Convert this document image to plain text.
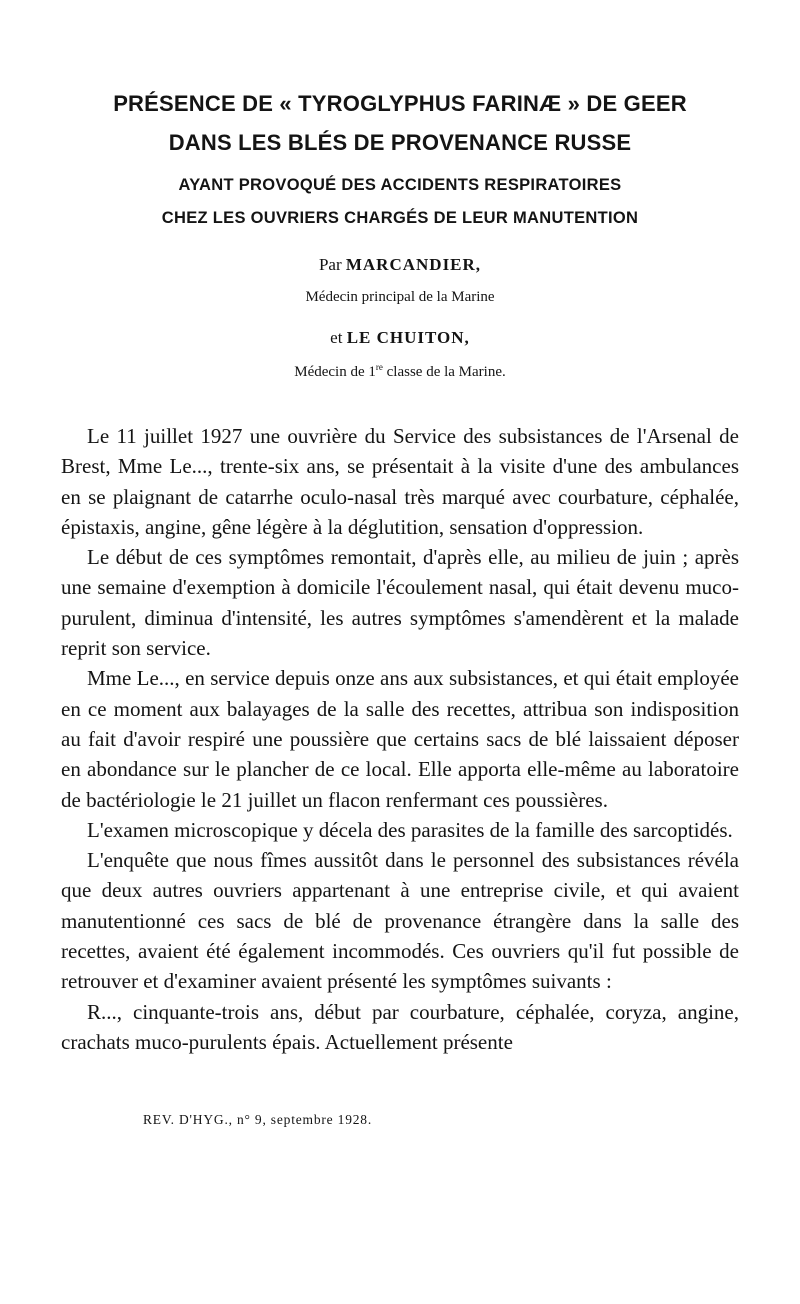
PRÉSENCE DE « TYROGLYPHUS FARINÆ » DE GEER
DANS LES BLÉS DE PROVENANCE RUSSE
AYANT PROVOQUÉ DES ACCIDENTS RESPIRATOIRES
CHEZ LES OUVRIERS CHARGÉS DE LEUR MANUTENTION

Par MARCANDIER,

Médecin principal de la Marine

et LE CHUITON,

Médecin de 1re classe de la Marine.

Le 11 juillet 1927 une ouvrière du Service des subsistances de l'Arsenal de Brest, Mme Le..., trente-six ans, se présentait à la visite d'une des ambulances en se plaignant de catarrhe oculo-nasal très marqué avec courbature, céphalée, épistaxis, angine, gêne légère à la déglutition, sensation d'oppression.

Le début de ces symptômes remontait, d'après elle, au milieu de juin ; après une semaine d'exemption à domicile l'écoulement nasal, qui était devenu muco-purulent, diminua d'intensité, les autres symptômes s'amendèrent et la malade reprit son service.

Mme Le..., en service depuis onze ans aux subsistances, et qui était employée en ce moment aux balayages de la salle des recettes, attribua son indisposition au fait d'avoir respiré une poussière que certains sacs de blé laissaient déposer en abondance sur le plancher de ce local. Elle apporta elle-même au laboratoire de bactériologie le 21 juillet un flacon renfermant ces poussières.

L'examen microscopique y décela des parasites de la famille des sarcoptidés.

L'enquête que nous fîmes aussitôt dans le personnel des subsistances révéla que deux autres ouvriers appartenant à une entreprise civile, et qui avaient manutentionné ces sacs de blé de provenance étrangère dans la salle des recettes, avaient été également incommodés. Ces ouvriers qu'il fut possible de retrouver et d'examiner avaient présenté les symptômes suivants :

R..., cinquante-trois ans, début par courbature, céphalée, coryza, angine, crachats muco-purulents épais. Actuellement présente

REV. D'HYG., n° 9, septembre 1928.
